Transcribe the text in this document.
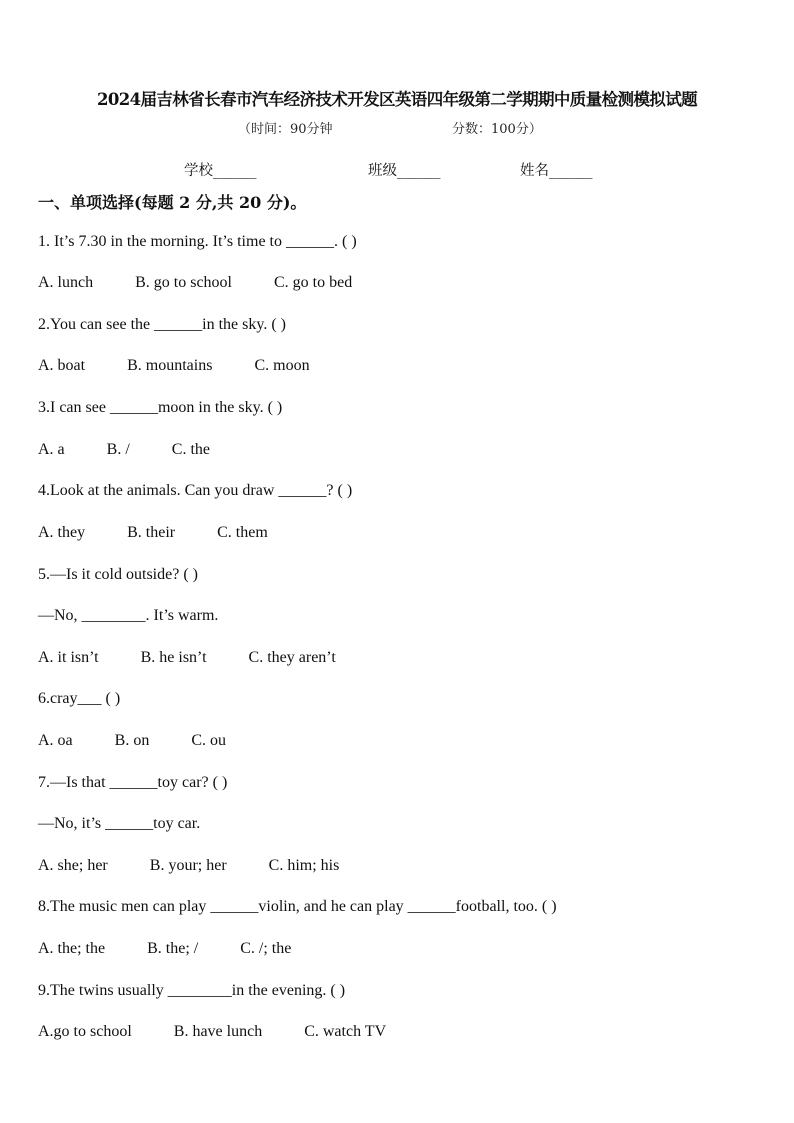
2024届吉林省长春市汽车经济技术开发区英语四年级第二学期期中质量检测模拟试题
（时间：90分钟	分数：100分）
学校______	班级______	姓名______
一、单项选择(每题 2 分,共 20 分)。
1. It’s 7.30 in the morning. It’s time to ______. ( )
A. lunch	B. go to school	C. go to bed
2.You can see the ______in the sky. ( )
A. boat	B. mountains	C. moon
3.I can see ______moon in the sky. ( )
A. a	B. /	C. the
4.Look at the animals. Can you draw ______? ( )
A. they	B. their	C. them
5.—Is it cold outside? ( )
—No, ________. It’s warm.
A. it isn’t	B. he isn’t	C. they aren’t
6.cray___ ( )
A. oa	B. on	C. ou
7.—Is that ______toy car? ( )
—No, it’s ______toy car.
A. she; her	B. your; her	C. him; his
8.The music men can play ______violin, and he can play ______football, too. ( )
A. the; the	B. the; /	C. /; the
9.The twins usually ________in the evening. ( )
A.go to school	B. have lunch	C. watch TV
